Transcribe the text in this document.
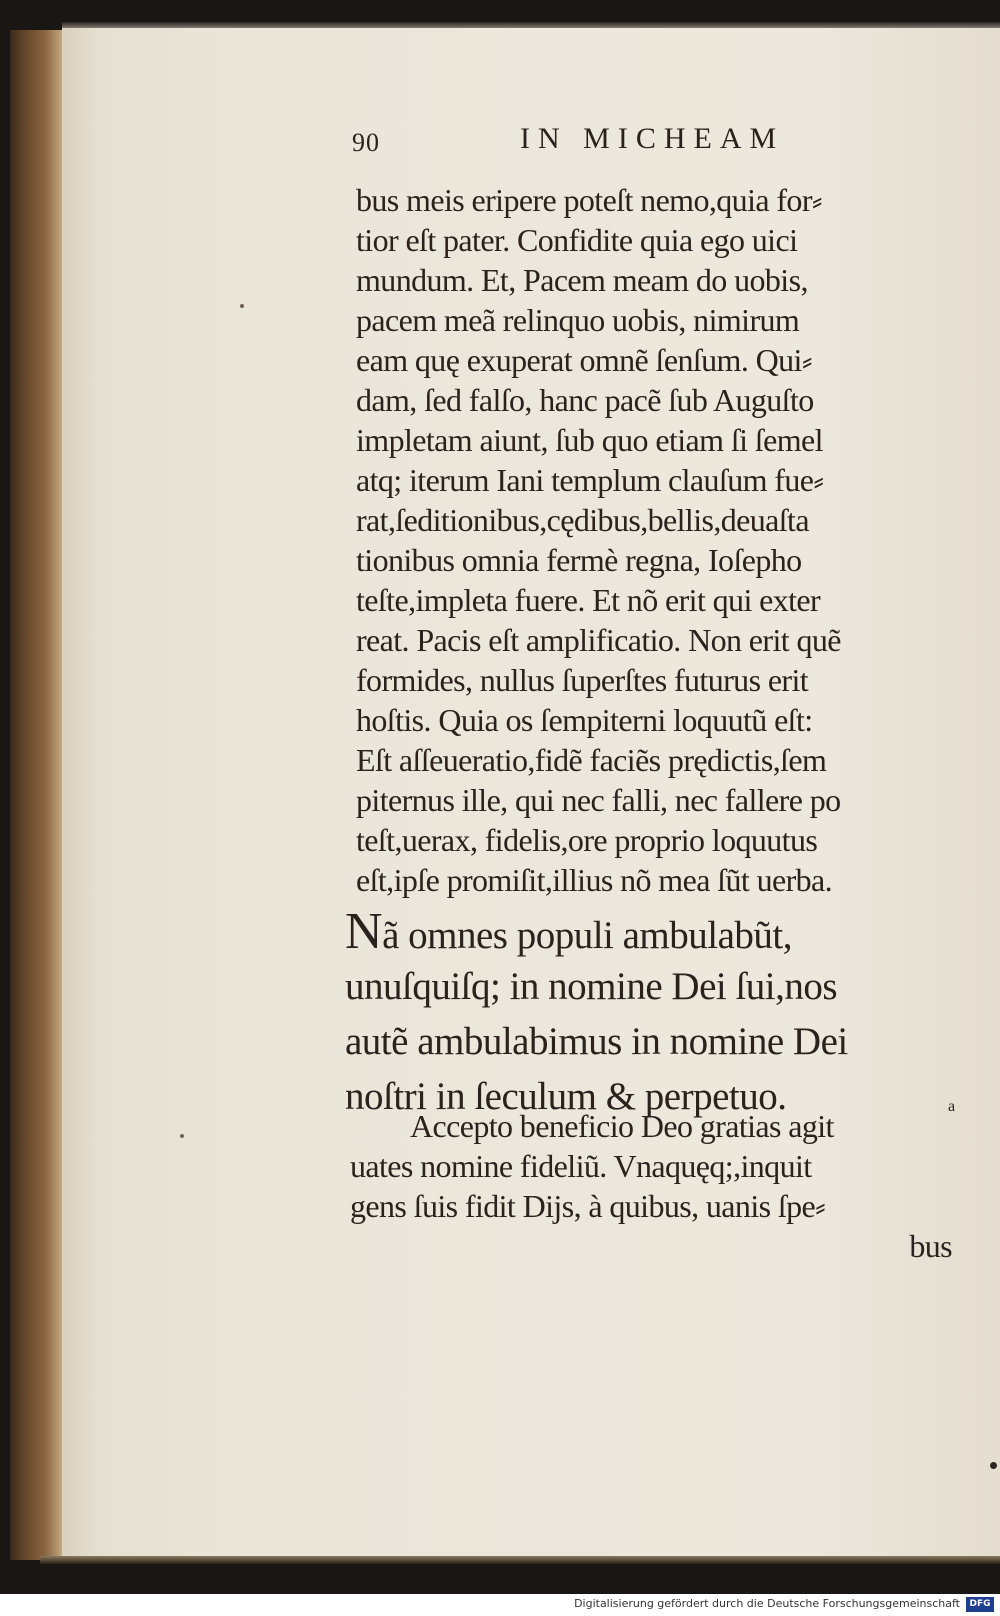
90	IN MICHEAM
bus meis eripere poteſt nemo,quia for⸗
tior eſt pater. Confidite quia ego uici
mundum. Et, Pacem meam do uobis,
pacem meã relinquo uobis, nimirum
eam quę exuperat omnẽ ſenſum. Qui⸗
dam, ſed falſo, hanc pacẽ ſub Auguſto
impletam aiunt, ſub quo etiam ſi ſemel
atq; iterum Iani templum clauſum fue⸗
rat,ſeditionibus,cędibus,bellis,deuaſta
tionibus omnia fermè regna, Ioſepho
teſte,impleta fuere. Et nõ erit qui exter
reat. Pacis eſt amplificatio. Non erit quẽ
formides, nullus ſuperſtes futurus erit
hoſtis. Quia os ſempiterni loquutũ eſt:
Eſt aſſeueratio,fidẽ faciẽs prędictis,ſem
piternus ille, qui nec falli, nec fallere po
teſt,uerax, fidelis,ore proprio loquutus
eſt,ipſe promiſit,illius nõ mea ſũt uerba.
Nã omnes populi ambulabũt,
unuſquiſq; in nomine Dei ſui,nos
autẽ ambulabimus in nomine Dei
noſtri in ſeculum & perpetuo.	a
Accepto beneficio Deo gratias agit
uates nomine fideliũ. Vnaquęq;,inquit
gens ſuis fidit Dijs, à quibus, uanis ſpe⸗
bus
Digitalisierung gefördert durch die Deutsche Forschungsgemeinschaft	DFG
